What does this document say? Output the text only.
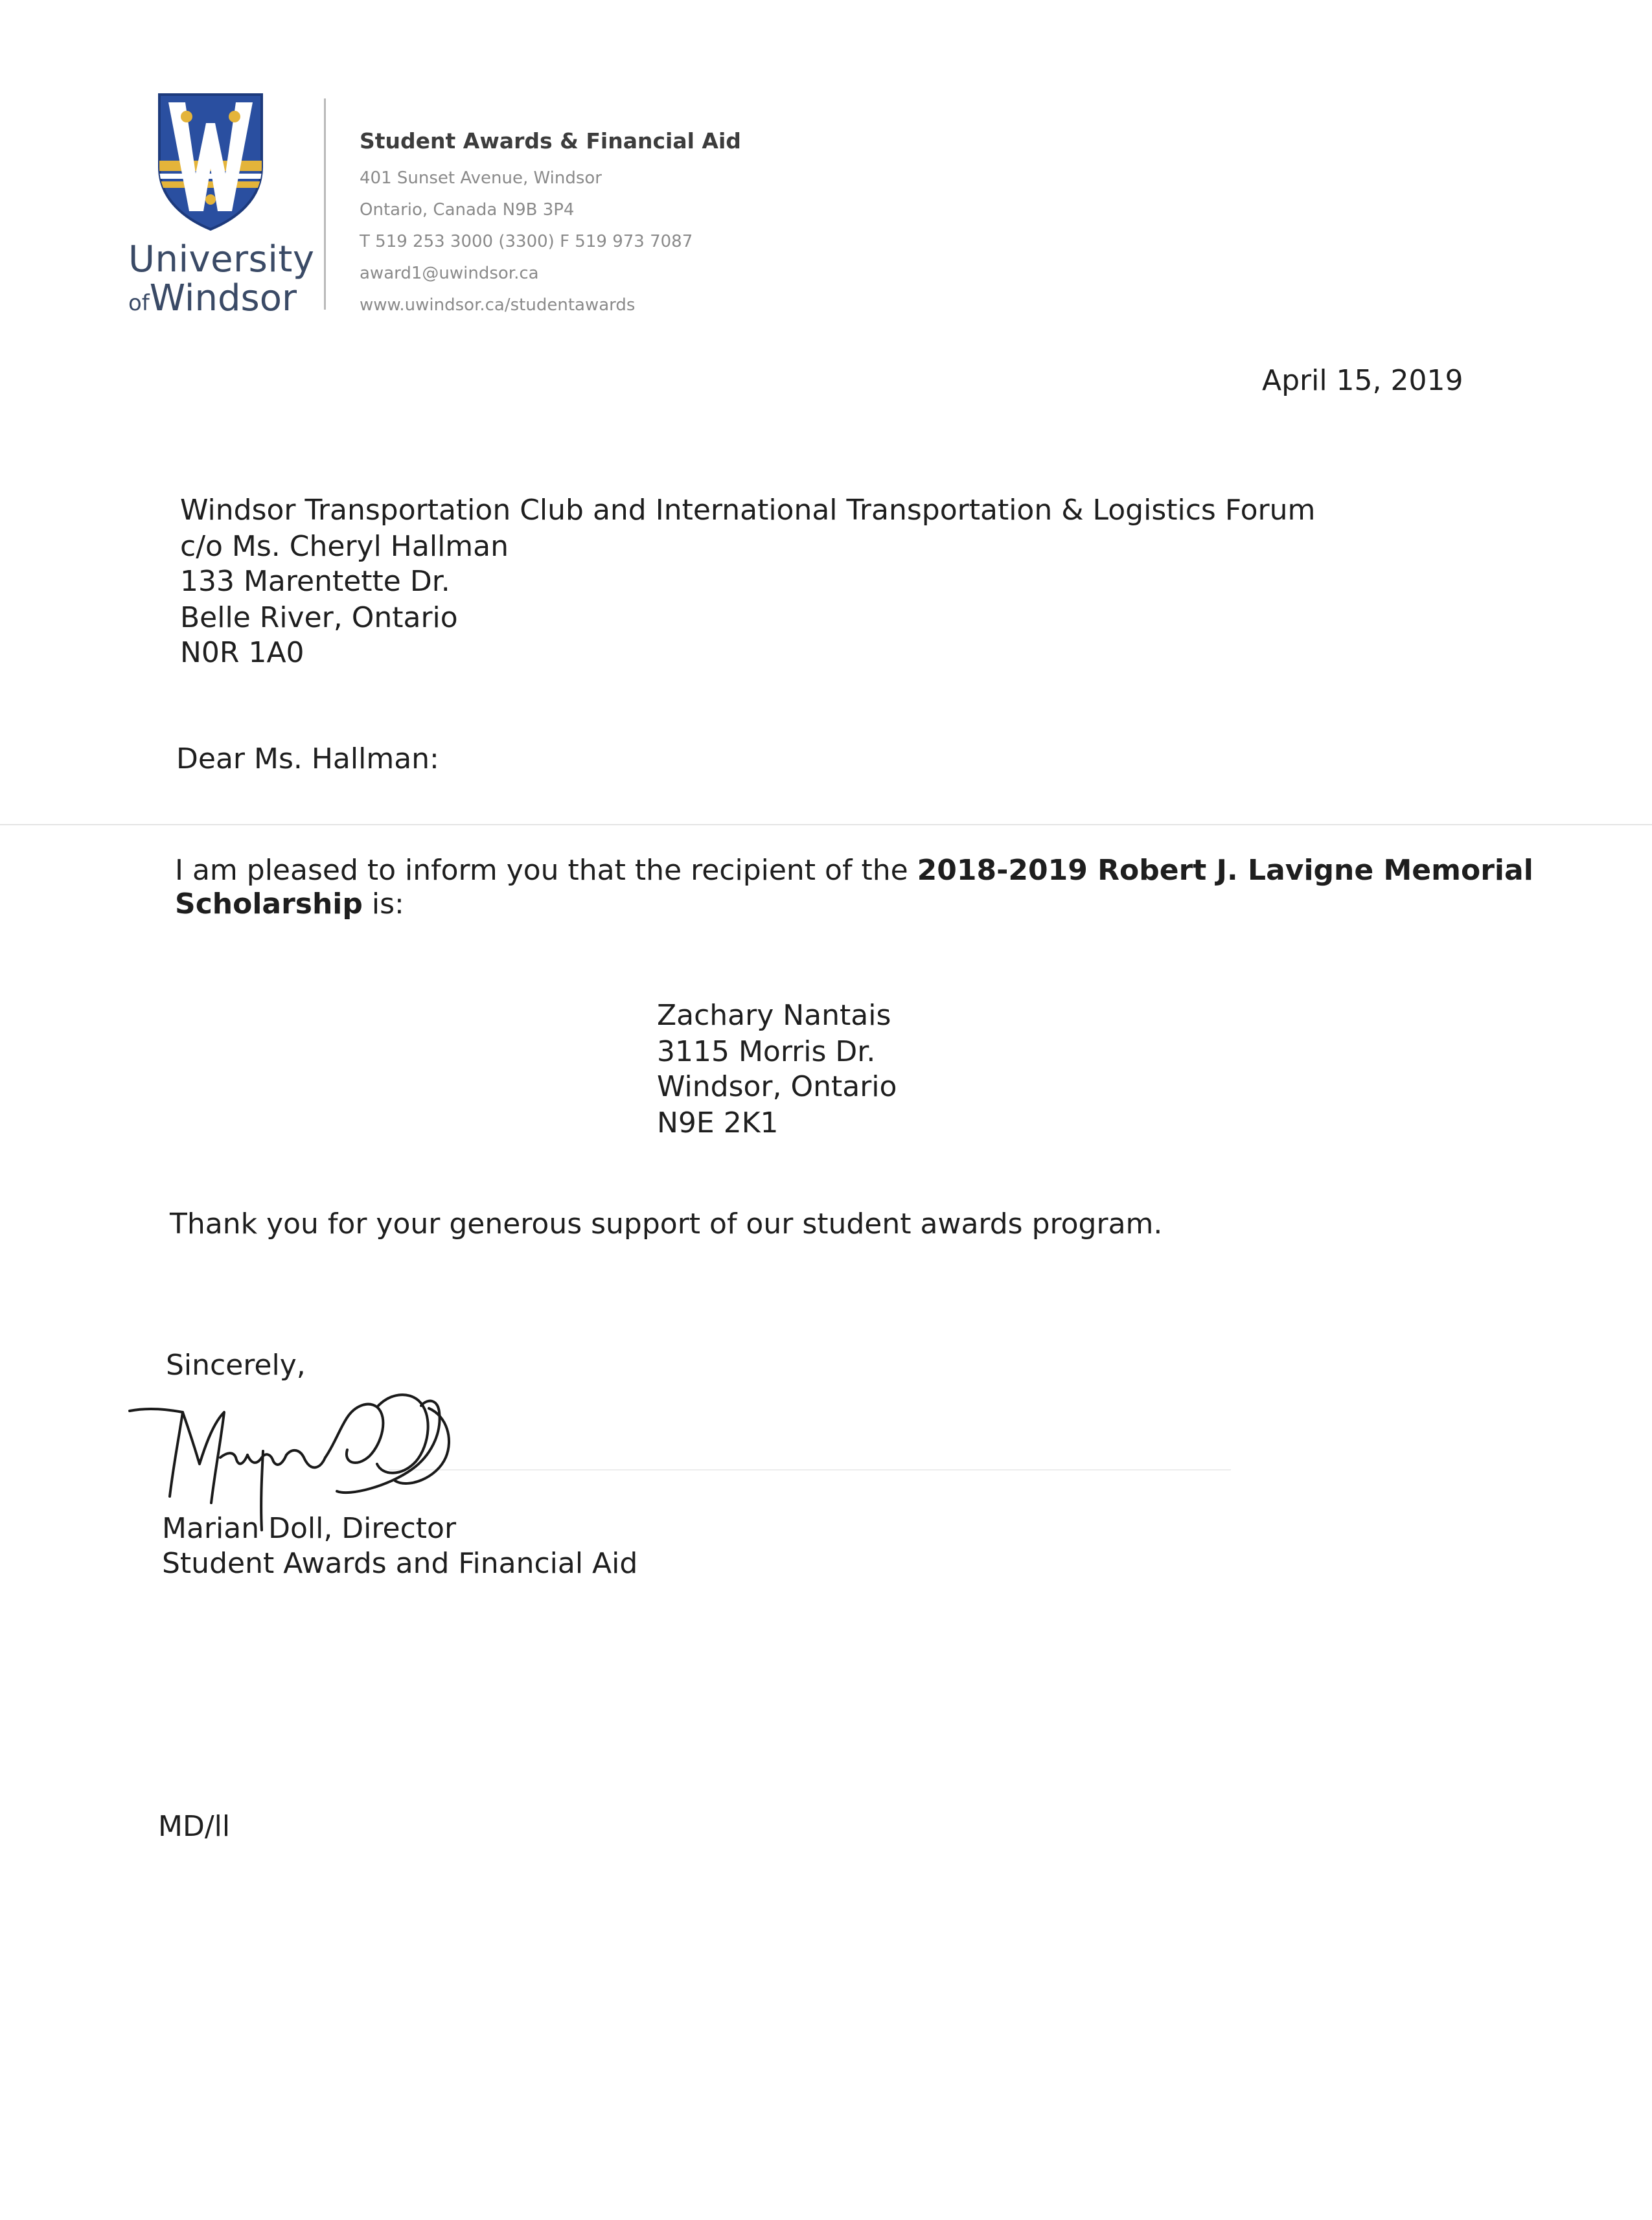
University
ofWindsor
Student Awards & Financial Aid
401 Sunset Avenue, Windsor
Ontario, Canada N9B 3P4
T 519 253 3000 (3300) F 519 973 7087
award1@uwindsor.ca
www.uwindsor.ca/studentawards
April 15, 2019
Windsor Transportation Club and International Transportation & Logistics Forum
c/o Ms. Cheryl Hallman
133 Marentette Dr.
Belle River, Ontario
N0R 1A0
Dear Ms. Hallman:
I am pleased to inform you that the recipient of the 2018-2019 Robert J. Lavigne Memorial
Scholarship is:
Zachary Nantais
3115 Morris Dr.
Windsor, Ontario
N9E 2K1
Thank you for your generous support of our student awards program.
Sincerely,
Marian Doll, Director
Student Awards and Financial Aid
MD/ll
